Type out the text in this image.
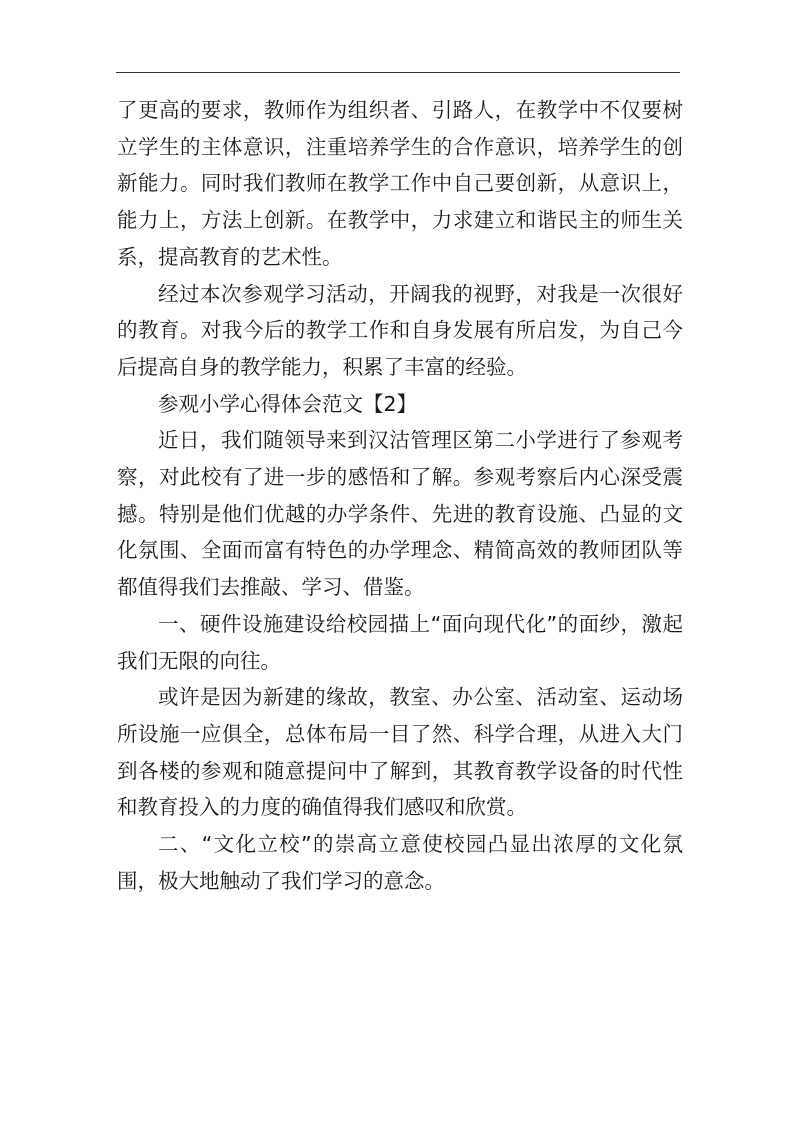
了更高的要求，教师作为组织者、引路人，在教学中不仅要树立学生的主体意识，注重培养学生的合作意识，培养学生的创新能力。同时我们教师在教学工作中自己要创新，从意识上，能力上，方法上创新。在教学中，力求建立和谐民主的师生关系，提高教育的艺术性。

经过本次参观学习活动，开阔我的视野，对我是一次很好的教育。对我今后的教学工作和自身发展有所启发，为自己今后提高自身的教学能力，积累了丰富的经验。

参观小学心得体会范文【2】

近日，我们随领导来到汉沽管理区第二小学进行了参观考察，对此校有了进一步的感悟和了解。参观考察后内心深受震撼。特别是他们优越的办学条件、先进的教育设施、凸显的文化氛围、全面而富有特色的办学理念、精简高效的教师团队等都值得我们去推敲、学习、借鉴。

一、硬件设施建设给校园描上“面向现代化”的面纱，激起我们无限的向往。

或许是因为新建的缘故，教室、办公室、活动室、运动场所设施一应俱全，总体布局一目了然、科学合理，从进入大门到各楼的参观和随意提问中了解到，其教育教学设备的时代性和教育投入的力度的确值得我们感叹和欣赏。

二、“文化立校”的崇高立意使校园凸显出浓厚的文化氛围，极大地触动了我们学习的意念。
